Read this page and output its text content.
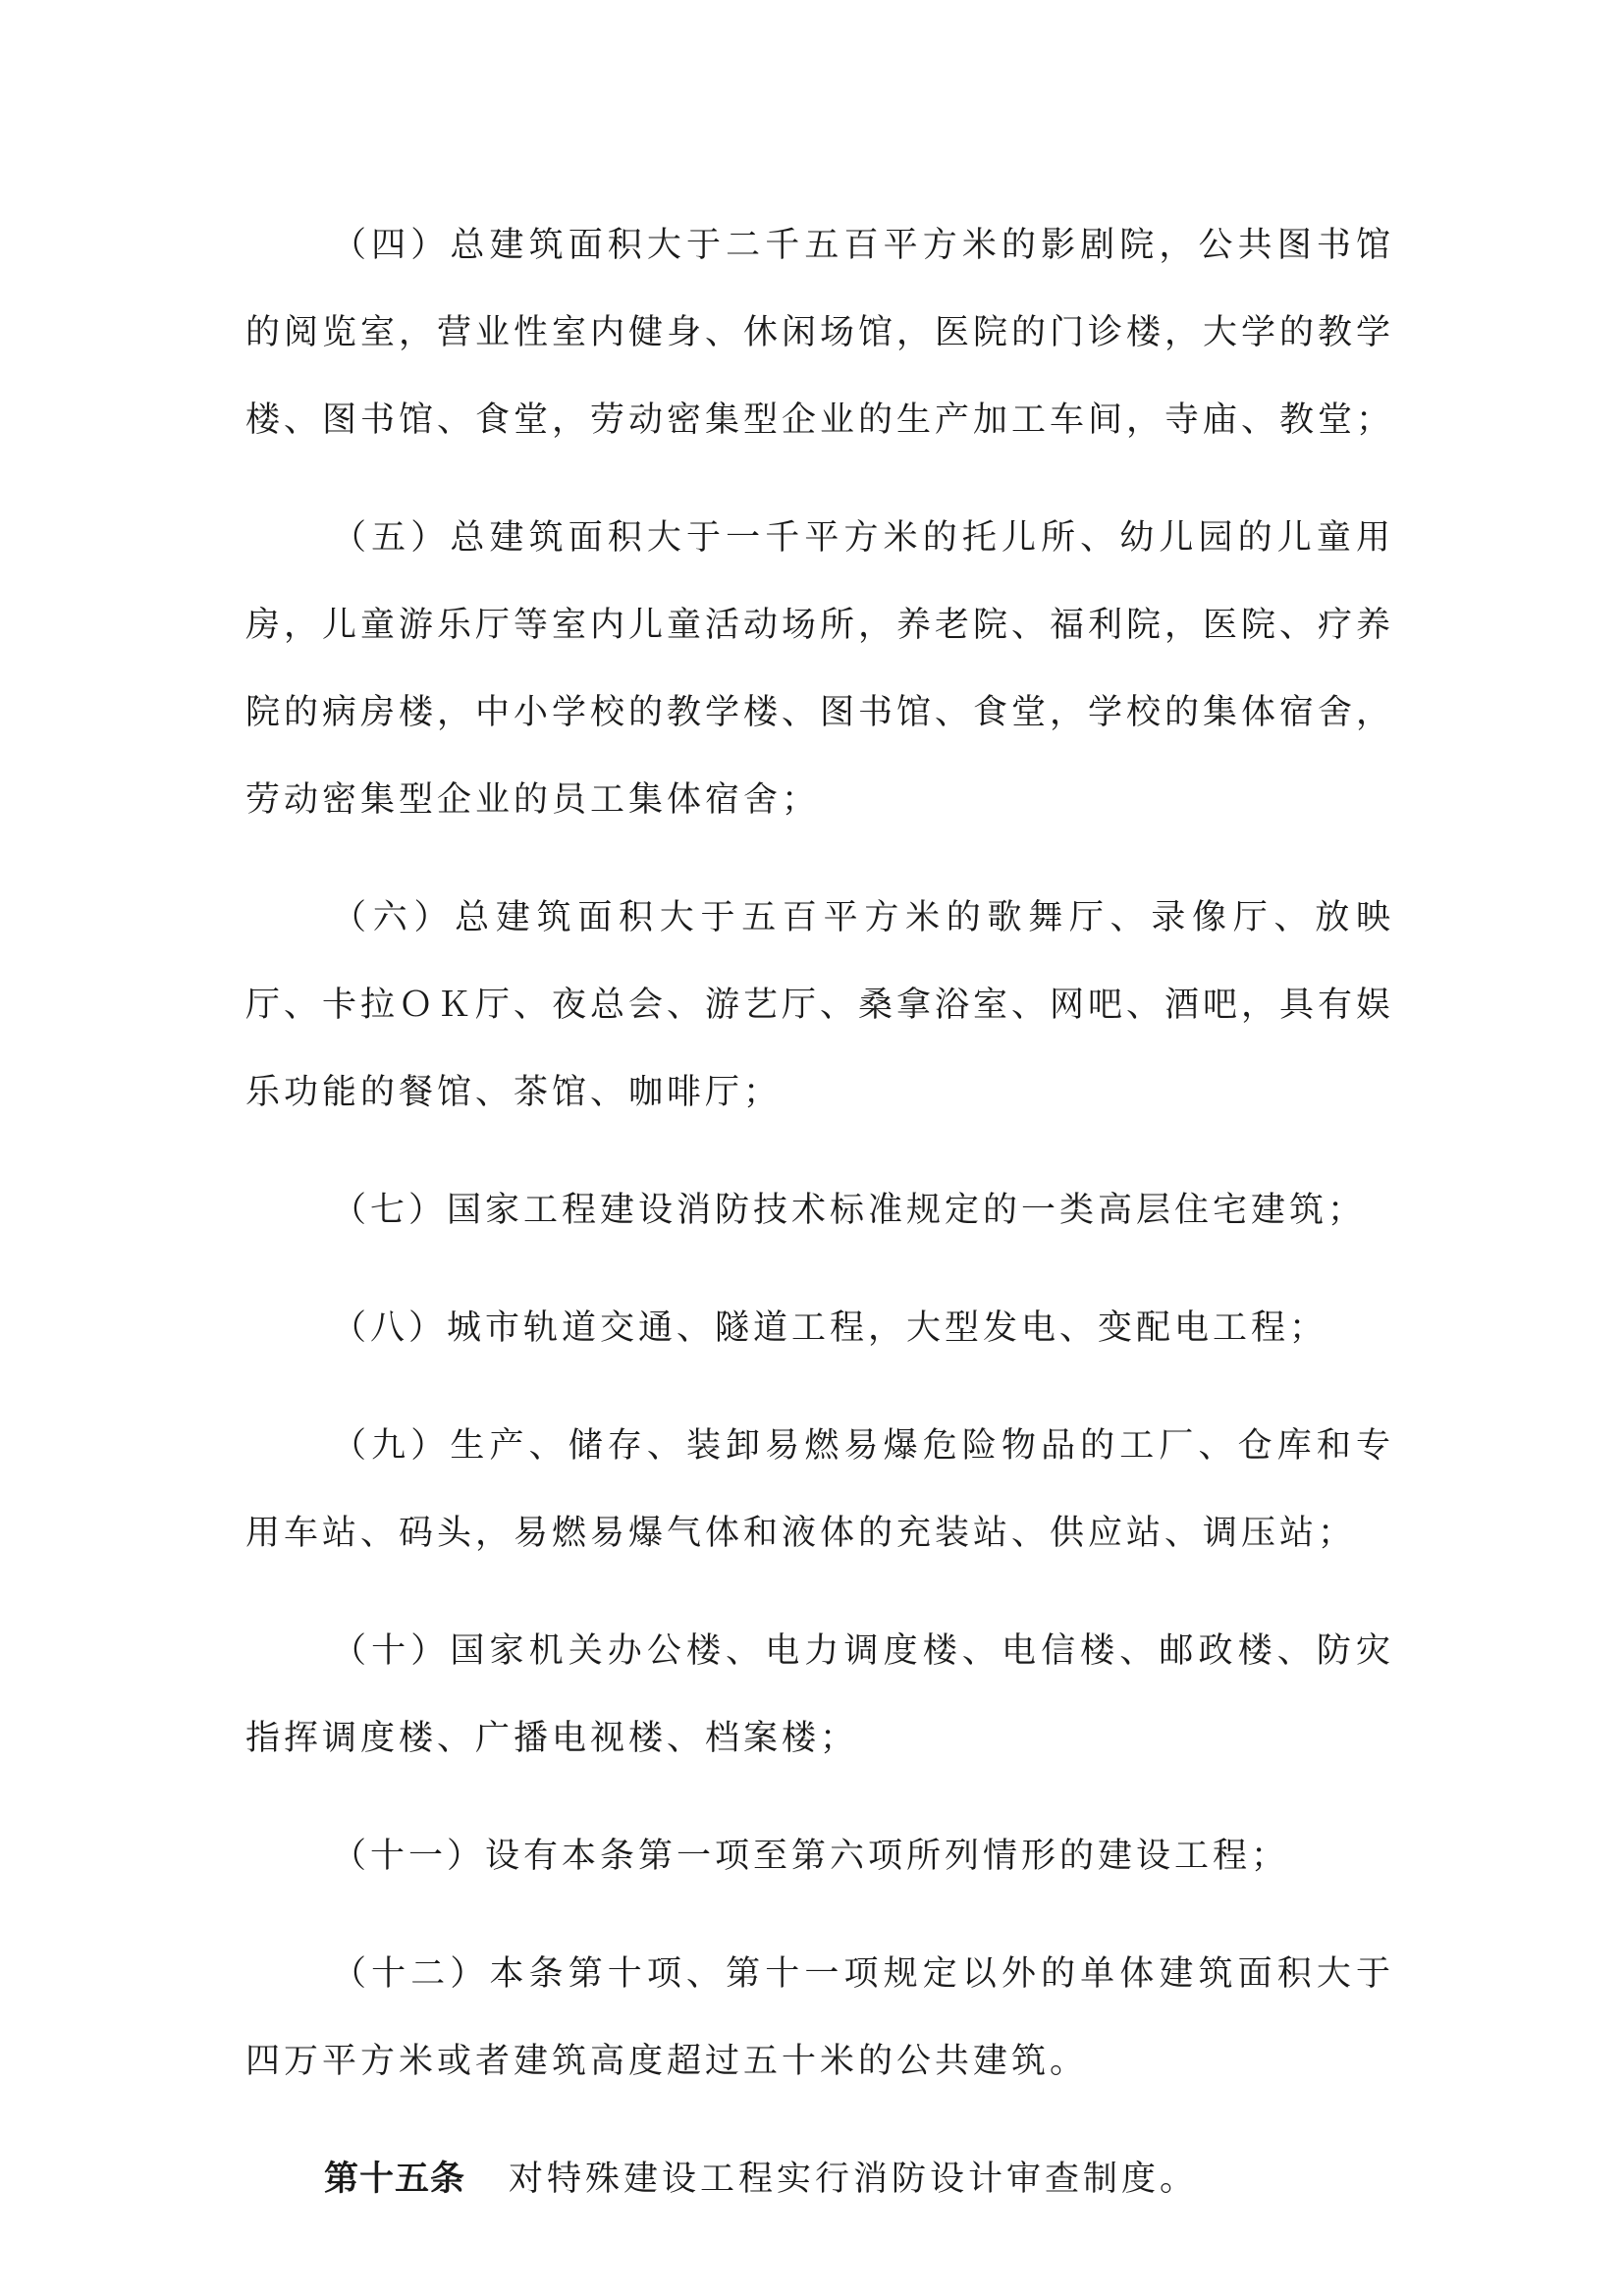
（四）总建筑面积大于二千五百平方米的影剧院，公共图书馆的阅览室，营业性室内健身、休闲场馆，医院的门诊楼，大学的教学楼、图书馆、食堂，劳动密集型企业的生产加工车间，寺庙、教堂；

（五）总建筑面积大于一千平方米的托儿所、幼儿园的儿童用房，儿童游乐厅等室内儿童活动场所，养老院、福利院，医院、疗养院的病房楼，中小学校的教学楼、图书馆、食堂，学校的集体宿舍，劳动密集型企业的员工集体宿舍；

（六）总建筑面积大于五百平方米的歌舞厅、录像厅、放映厅、卡拉ＯＫ厅、夜总会、游艺厅、桑拿浴室、网吧、酒吧，具有娱乐功能的餐馆、茶馆、咖啡厅；

（七）国家工程建设消防技术标准规定的一类高层住宅建筑；

（八）城市轨道交通、隧道工程，大型发电、变配电工程；

（九）生产、储存、装卸易燃易爆危险物品的工厂、仓库和专用车站、码头，易燃易爆气体和液体的充装站、供应站、调压站；

（十）国家机关办公楼、电力调度楼、电信楼、邮政楼、防灾指挥调度楼、广播电视楼、档案楼；

（十一）设有本条第一项至第六项所列情形的建设工程；

（十二）本条第十项、第十一项规定以外的单体建筑面积大于四万平方米或者建筑高度超过五十米的公共建筑。

第十五条 对特殊建设工程实行消防设计审查制度。
